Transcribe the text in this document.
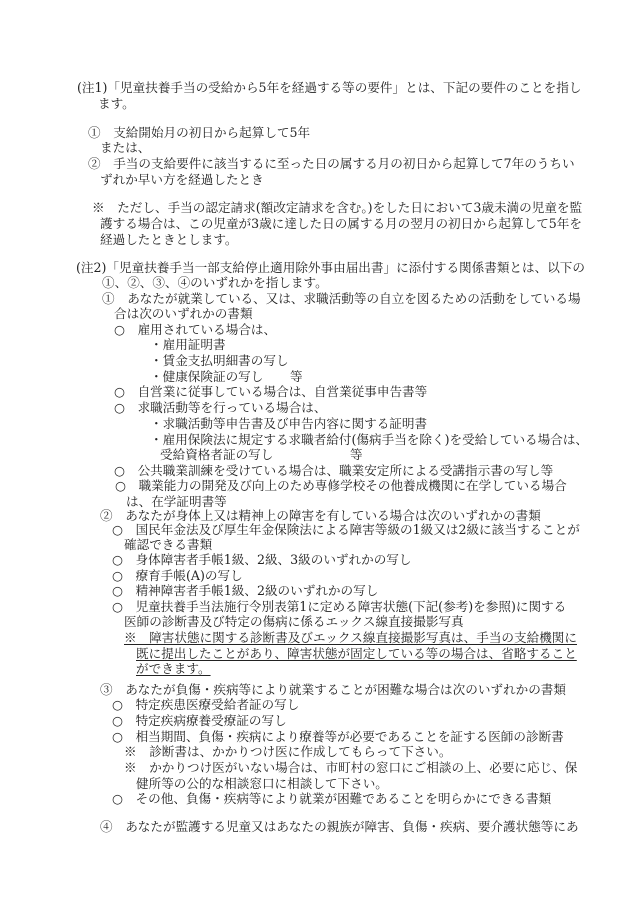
(注1)「児童扶養手当の受給から5年を経過する等の要件」とは、下記の要件のことを指し
ます。
①　支給開始月の初日から起算して5年
または、
②　手当の支給要件に該当するに至った日の属する月の初日から起算して7年のうちい
ずれか早い方を経過したとき
※　ただし、手当の認定請求(額改定請求を含む。)をした日において3歳未満の児童を監
護する場合は、この児童が3歳に達した日の属する月の翌月の初日から起算して5年を
経過したときとします。
(注2)「児童扶養手当一部支給停止適用除外事由届出書」に添付する関係書類とは、以下の
①、②、③、④のいずれかを指します。
①　あなたが就業している、又は、求職活動等の自立を図るための活動をしている場
合は次のいずれかの書類
○　雇用されている場合は、
・雇用証明書
・賃金支払明細書の写し
・健康保険証の写し 等
○　自営業に従事している場合は、自営業従事申告書等
○　求職活動等を行っている場合は、
・求職活動等申告書及び申告内容に関する証明書
・雇用保険法に規定する求職者給付(傷病手当を除く)を受給している場合は、
受給資格者証の写し	等
○　公共職業訓練を受けている場合は、職業安定所による受講指示書の写し等
○　職業能力の開発及び向上のため専修学校その他養成機関に在学している場合
は、在学証明書等
②　あなたが身体上又は精神上の障害を有している場合は次のいずれかの書類
○　国民年金法及び厚生年金保険法による障害等級の1級又は2級に該当することが
確認できる書類
○　身体障害者手帳1級、2級、3級のいずれかの写し
○　療育手帳(A)の写し
○　精神障害者手帳1級、2級のいずれかの写し
○　児童扶養手当法施行令別表第1に定める障害状態(下記(参考)を参照)に関する
医師の診断書及び特定の傷病に係るエックス線直接撮影写真
※　障害状態に関する診断書及びエックス線直接撮影写真は、手当の支給機関に
既に提出したことがあり、障害状態が固定している等の場合は、省略すること
ができます。
③　あなたが負傷・疾病等により就業することが困難な場合は次のいずれかの書類
○　特定疾患医療受給者証の写し
○　特定疾病療養受療証の写し
○　相当期間、負傷・疾病により療養等が必要であることを証する医師の診断書
※　診断書は、かかりつけ医に作成してもらって下さい。
※　かかりつけ医がいない場合は、市町村の窓口にご相談の上、必要に応じ、保
健所等の公的な相談窓口に相談して下さい。
○　その他、負傷・疾病等により就業が困難であることを明らかにできる書類
④　あなたが監護する児童又はあなたの親族が障害、負傷・疾病、要介護状態等にあ
